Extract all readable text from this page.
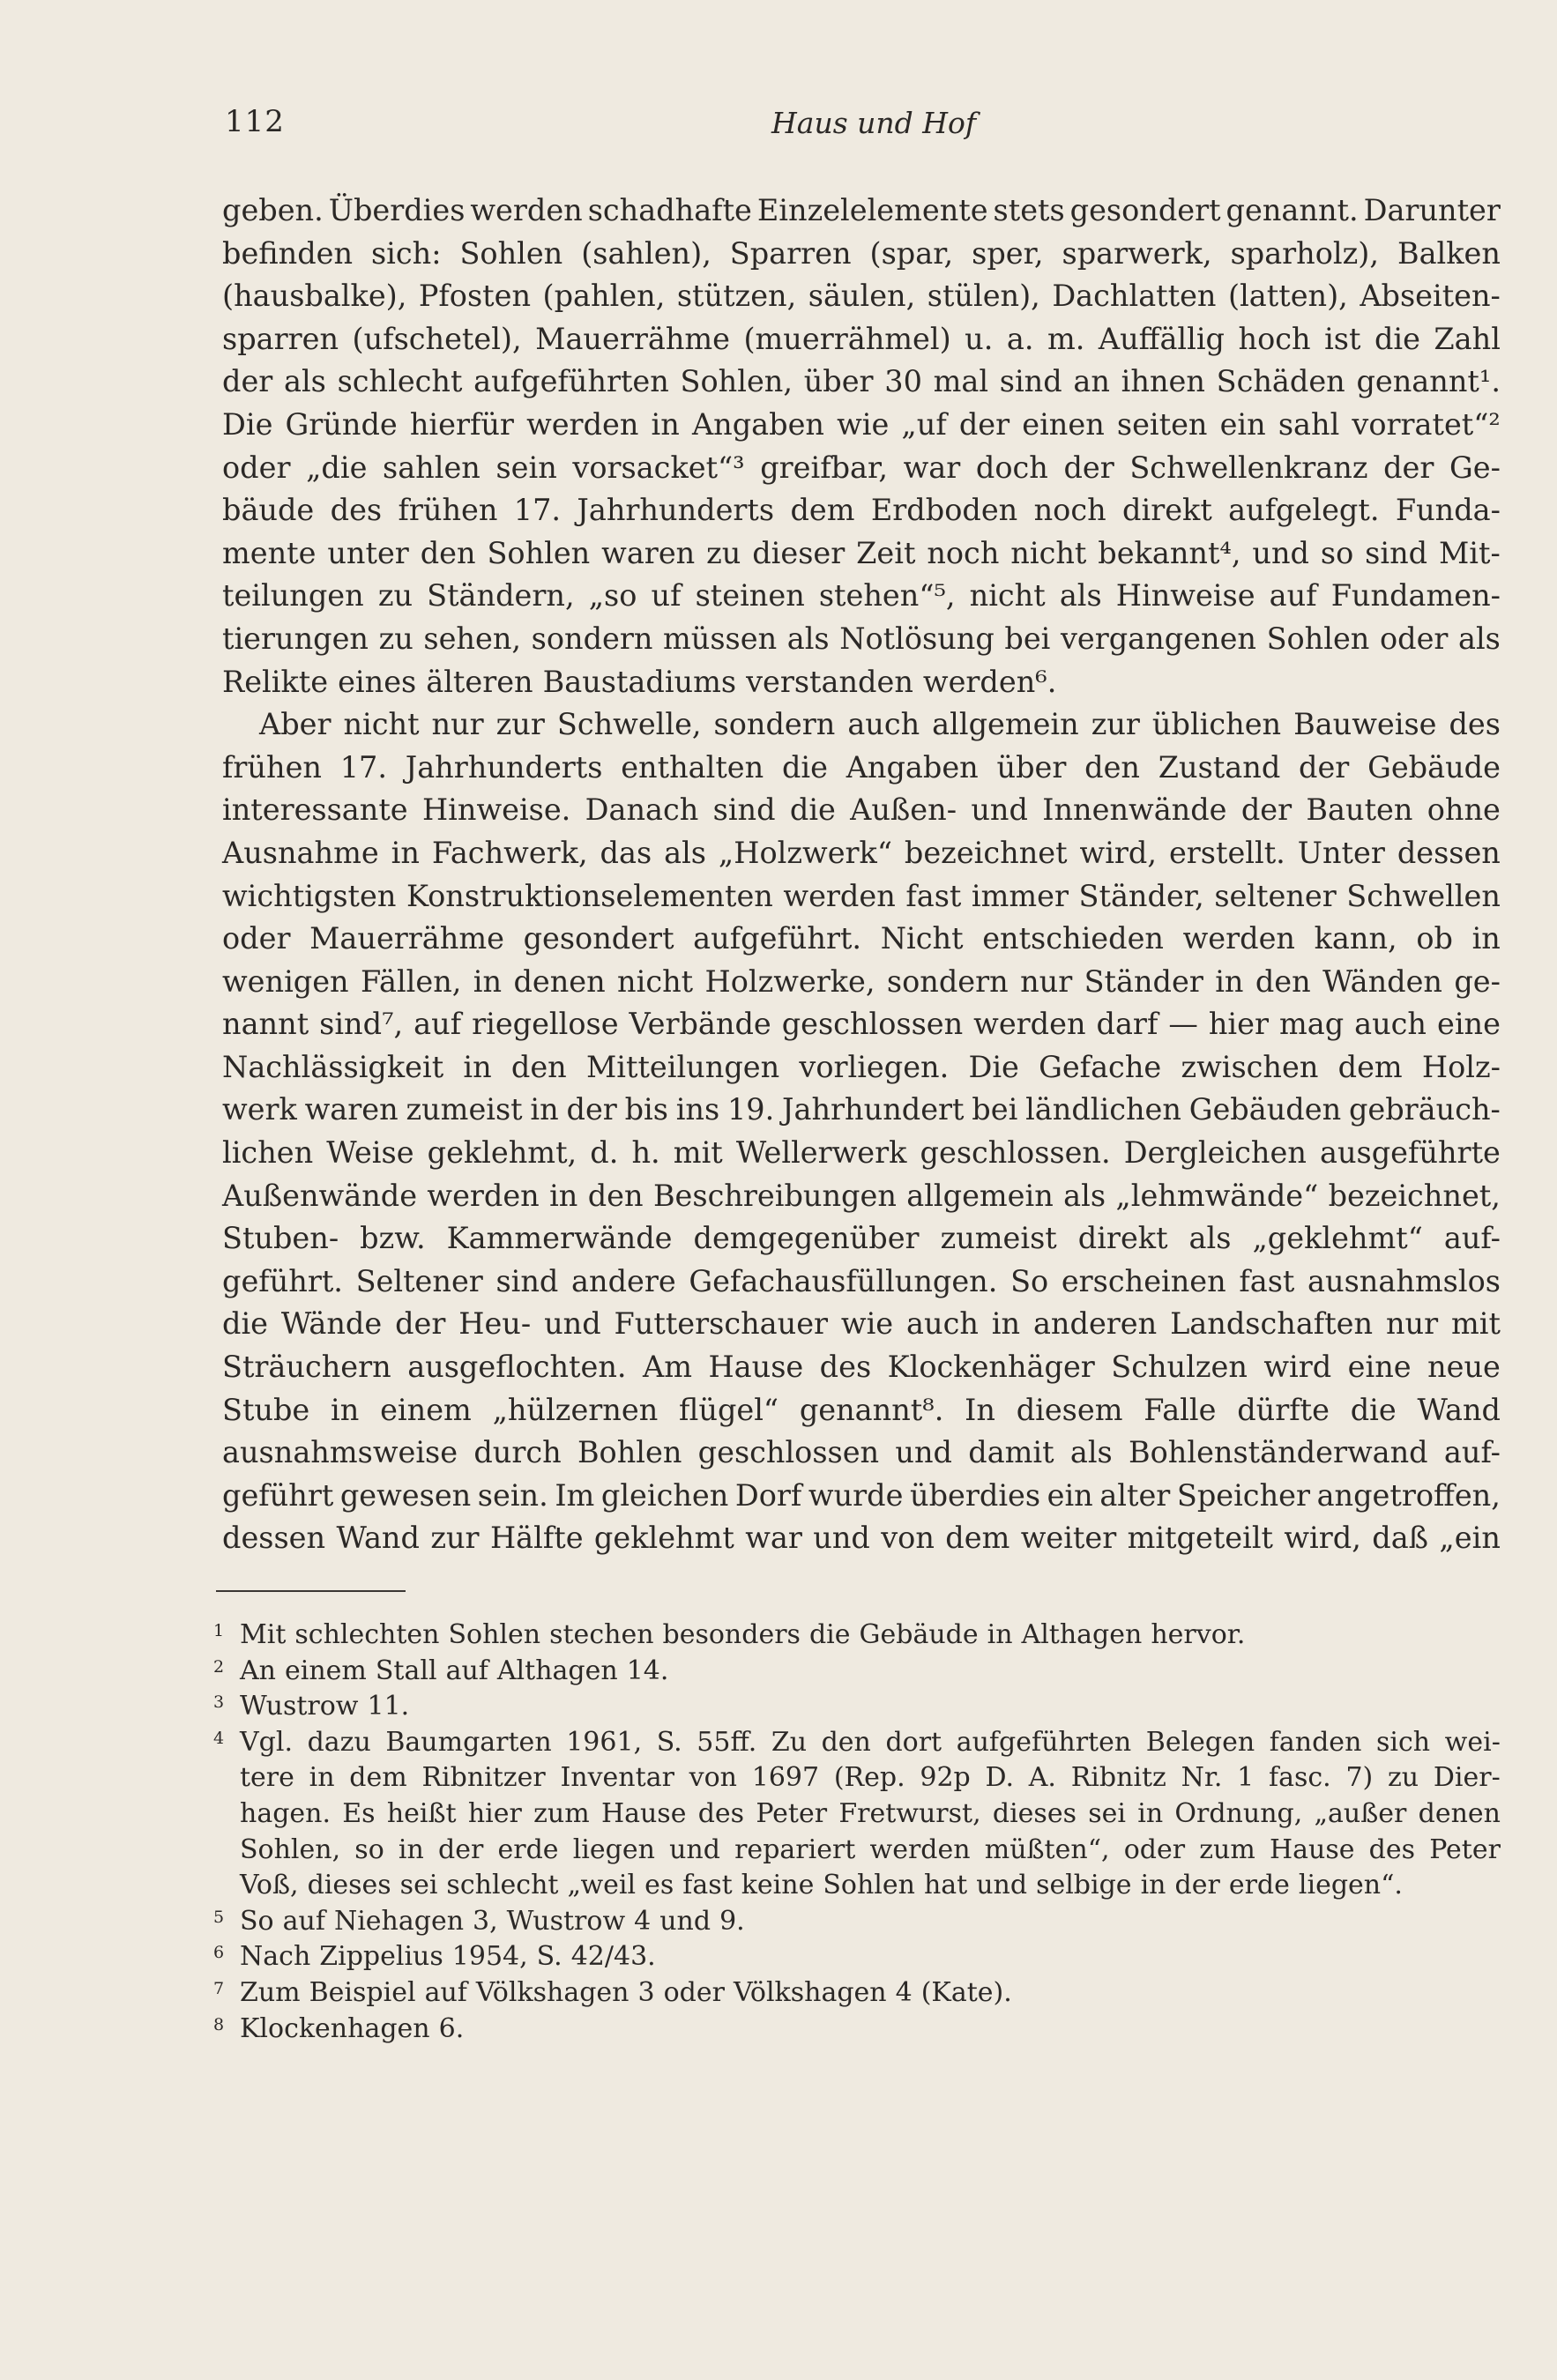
112	Haus und Hof
geben. Überdies werden schadhafte Einzelelemente stets gesondert genannt. Darunter
befinden sich: Sohlen (sahlen), Sparren (spar, sper, sparwerk, sparholz), Balken
(hausbalke), Pfosten (pahlen, stützen, säulen, stülen), Dachlatten (latten), Abseiten-
sparren (ufschetel), Mauerrähme (muerrähmel) u. a. m. Auffällig hoch ist die Zahl
der als schlecht aufgeführten Sohlen, über 30 mal sind an ihnen Schäden genannt¹.
Die Gründe hierfür werden in Angaben wie „uf der einen seiten ein sahl vorratet“²
oder „die sahlen sein vorsacket“³ greifbar, war doch der Schwellenkranz der Ge-
bäude des frühen 17. Jahrhunderts dem Erdboden noch direkt aufgelegt. Funda-
mente unter den Sohlen waren zu dieser Zeit noch nicht bekannt⁴, und so sind Mit-
teilungen zu Ständern, „so uf steinen stehen“⁵, nicht als Hinweise auf Fundamen-
tierungen zu sehen, sondern müssen als Notlösung bei vergangenen Sohlen oder als
Relikte eines älteren Baustadiums verstanden werden⁶.
Aber nicht nur zur Schwelle, sondern auch allgemein zur üblichen Bauweise des
frühen 17. Jahrhunderts enthalten die Angaben über den Zustand der Gebäude
interessante Hinweise. Danach sind die Außen- und Innenwände der Bauten ohne
Ausnahme in Fachwerk, das als „Holzwerk“ bezeichnet wird, erstellt. Unter dessen
wichtigsten Konstruktionselementen werden fast immer Ständer, seltener Schwellen
oder Mauerrähme gesondert aufgeführt. Nicht entschieden werden kann, ob in
wenigen Fällen, in denen nicht Holzwerke, sondern nur Ständer in den Wänden ge-
nannt sind⁷, auf riegellose Verbände geschlossen werden darf — hier mag auch eine
Nachlässigkeit in den Mitteilungen vorliegen. Die Gefache zwischen dem Holz-
werk waren zumeist in der bis ins 19. Jahrhundert bei ländlichen Gebäuden gebräuch-
lichen Weise geklehmt, d. h. mit Wellerwerk geschlossen. Dergleichen ausgeführte
Außenwände werden in den Beschreibungen allgemein als „lehmwände“ bezeichnet,
Stuben- bzw. Kammerwände demgegenüber zumeist direkt als „geklehmt“ auf-
geführt. Seltener sind andere Gefachausfüllungen. So erscheinen fast ausnahmslos
die Wände der Heu- und Futterschauer wie auch in anderen Landschaften nur mit
Sträuchern ausgeflochten. Am Hause des Klockenhäger Schulzen wird eine neue
Stube in einem „hülzernen flügel“ genannt⁸. In diesem Falle dürfte die Wand
ausnahmsweise durch Bohlen geschlossen und damit als Bohlenständerwand auf-
geführt gewesen sein. Im gleichen Dorf wurde überdies ein alter Speicher angetroffen,
dessen Wand zur Hälfte geklehmt war und von dem weiter mitgeteilt wird, daß „ein
1 Mit schlechten Sohlen stechen besonders die Gebäude in Althagen hervor.
2 An einem Stall auf Althagen 14.
3 Wustrow 11.
4 Vgl. dazu Baumgarten 1961, S. 55ff. Zu den dort aufgeführten Belegen fanden sich wei-
tere in dem Ribnitzer Inventar von 1697 (Rep. 92p D. A. Ribnitz Nr. 1 fasc. 7) zu Dier-
hagen. Es heißt hier zum Hause des Peter Fretwurst, dieses sei in Ordnung, „außer denen
Sohlen, so in der erde liegen und repariert werden müßten“, oder zum Hause des Peter
Voß, dieses sei schlecht „weil es fast keine Sohlen hat und selbige in der erde liegen“.
5 So auf Niehagen 3, Wustrow 4 und 9.
6 Nach Zippelius 1954, S. 42/43.
7 Zum Beispiel auf Völkshagen 3 oder Völkshagen 4 (Kate).
8 Klockenhagen 6.
